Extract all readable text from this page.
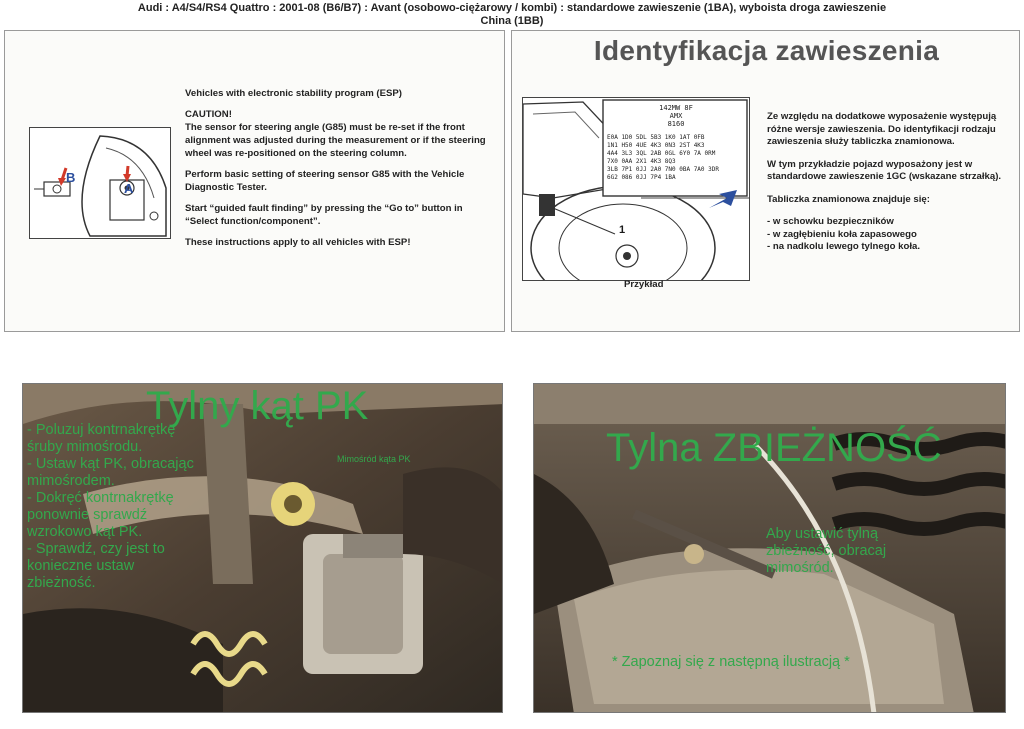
Audi : A4/S4/RS4 Quattro : 2001-08 (B6/B7) : Avant (osobowo-ciężarowy / kombi) : standardowe zawieszenie (1BA), wyboista droga zawieszenie
China (1BB)
B
A

Vehicles with electronic stability program (ESP)

CAUTION!

The sensor for steering angle (G85) must be re-set if the front alignment was adjusted during the measurement or if the steering wheel was re-positioned on the steering column.

Perform basic setting of steering sensor G85 with the Vehicle Diagnostic Tester.

Start “guided fault finding” by pressing the “Go to” button in “Select function/component”.

These instructions apply to all vehicles with ESP!

Identyfikacja zawieszenia
142MW 8F
AMX
8160
E0A 1D0 5DL 5B3 1K0 1AT 0FB
1N1 H50 4UE 4K3 0N3 2ST 4K3
4A4 3L3 3QL 2AB 0GL 6Y0 7A 0RM
7X0 0AA 2X1 4K3 8Q3
3LB 7P1 0JJ 2A0 7N0 0BA 7A0 3DR
6G2 086 0JJ 7P4 1BA
1
Przykład

Ze względu na dodatkowe wyposażenie występują różne wersje zawieszenia. Do identyfikacji rodzaju zawieszenia służy tabliczka znamionowa.

W tym przykładzie pojazd wyposażony jest w standardowe zawieszenie 1GC (wskazane strzałką).

Tabliczka znamionowa znajduje się:

- w schowku bezpieczników

- w zagłębieniu koła zapasowego

- na nadkolu lewego tylnego koła.

Tylny kąt PK
- Poluzuj kontrnakrętkę
śruby mimośrodu.
- Ustaw kąt PK, obracając
mimośrodem.
- Dokręć kontrnakrętkę
ponownie sprawdź
wzrokowo kąt PK.
- Sprawdź, czy jest to
konieczne ustaw
zbieżność.
Mimośród kąta PK	Tylna ZBIEŻNOŚĆ
Aby ustawić tylną
zbieżność, obracaj
mimośród.
* Zapoznaj się z następną ilustracją *
